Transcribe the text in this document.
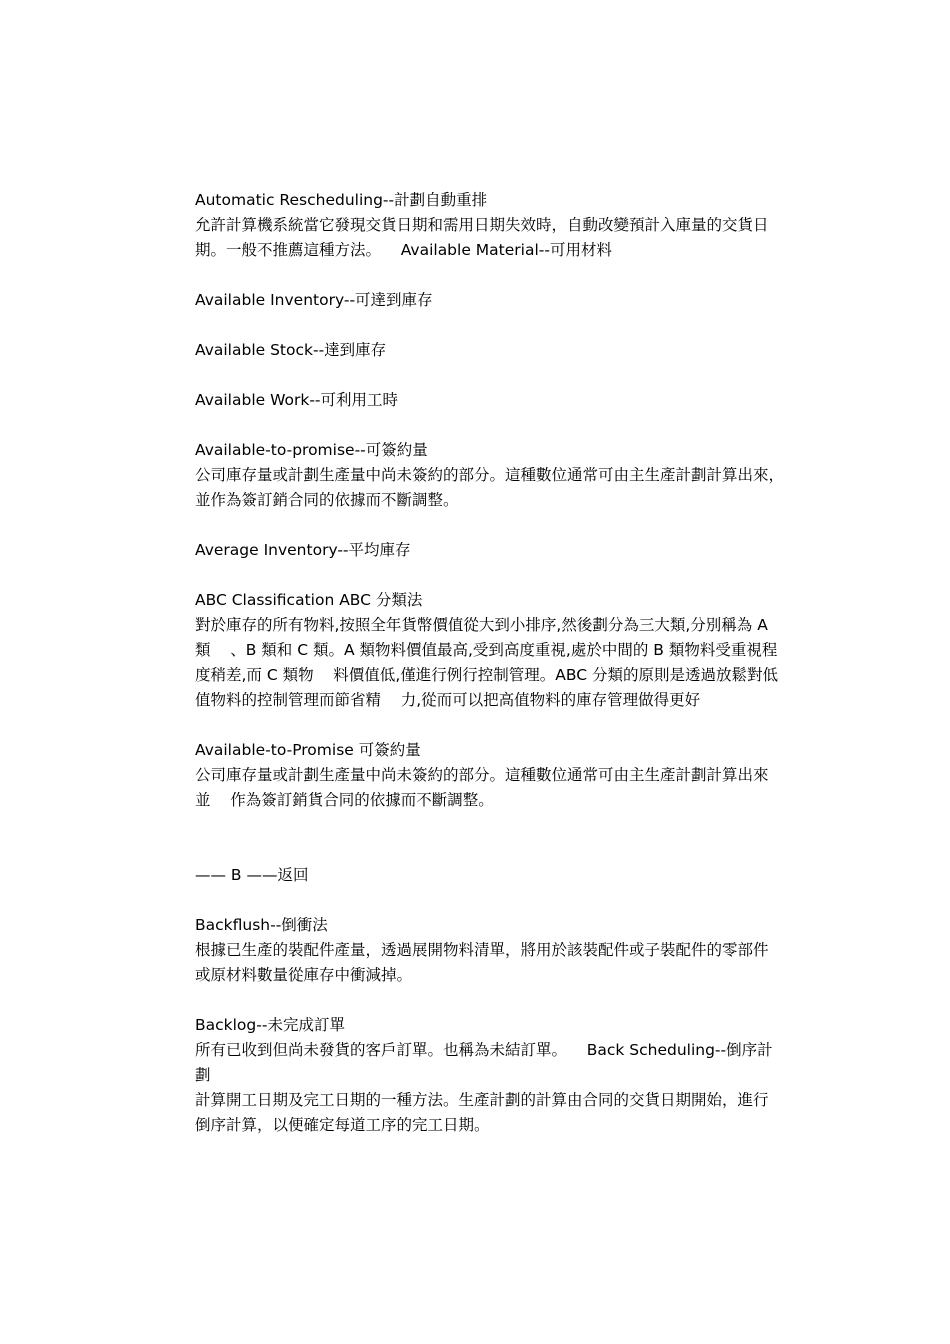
Automatic Rescheduling--計劃自動重排

允許計算機系統當它發現交貨日期和需用日期失效時，自動改變預計入庫量的交貨日

期。一般不推薦這種方法。    Available Material--可用材料

Available Inventory--可達到庫存

Available Stock--達到庫存

Available Work--可利用工時

Available-to-promise--可簽約量

公司庫存量或計劃生產量中尚未簽約的部分。這種數位通常可由主生產計劃計算出來，

並作為簽訂銷合同的依據而不斷調整。

Average Inventory--平均庫存

ABC Classification ABC 分類法

對於庫存的所有物料,按照全年貨幣價值從大到小排序,然後劃分為三大類,分別稱為 A

類    、B 類和 C 類。A 類物料價值最高,受到高度重視,處於中間的 B 類物料受重視程

度稍差,而 C 類物    料價值低,僅進行例行控制管理。ABC 分類的原則是透過放鬆對低

值物料的控制管理而節省精    力,從而可以把高值物料的庫存管理做得更好

Available-to-Promise 可簽約量

公司庫存量或計劃生產量中尚未簽約的部分。這種數位通常可由主生產計劃計算出來

並    作為簽訂銷貨合同的依據而不斷調整。

—— B ——返回

Backflush--倒衝法

根據已生產的裝配件產量，透過展開物料清單，將用於該裝配件或子裝配件的零部件

或原材料數量從庫存中衝減掉。

Backlog--未完成訂單

所有已收到但尚未發貨的客戶訂單。也稱為未結訂單。    Back Scheduling--倒序計

劃

計算開工日期及完工日期的一種方法。生產計劃的計算由合同的交貨日期開始，進行

倒序計算，以便確定每道工序的完工日期。
